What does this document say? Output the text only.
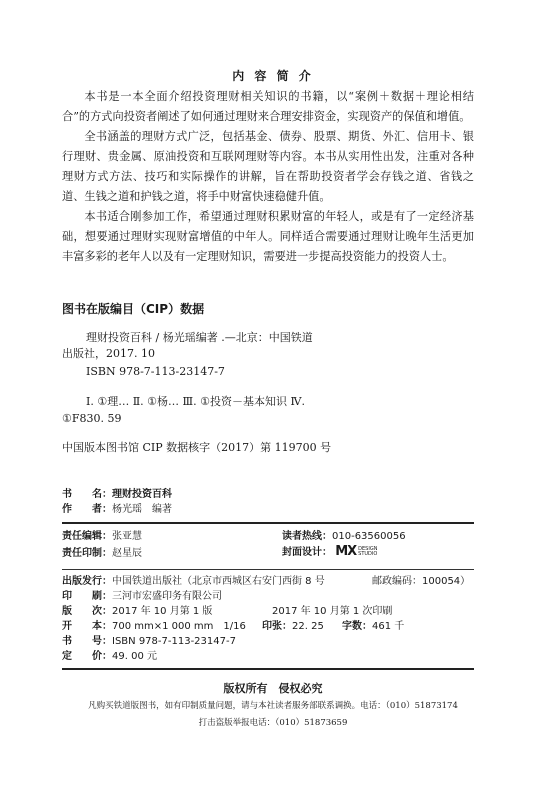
内 容 简 介

本书是一本全面介绍投资理财相关知识的书籍，以“案例＋数据＋理论相结合”的方式向投资者阐述了如何通过理财来合理安排资金，实现资产的保值和增值。

全书涵盖的理财方式广泛，包括基金、债券、股票、期货、外汇、信用卡、银行理财、贵金属、原油投资和互联网理财等内容。本书从实用性出发，注重对各种理财方式方法、技巧和实际操作的讲解，旨在帮助投资者学会存钱之道、省钱之道、生钱之道和护钱之道，将手中财富快速稳健升值。

本书适合刚参加工作，希望通过理财积累财富的年轻人，或是有了一定经济基础，想要通过理财实现财富增值的中年人。同样适合需要通过理财让晚年生活更加丰富多彩的老年人以及有一定理财知识，需要进一步提高投资能力的投资人士。

图书在版编目（CIP）数据
理财投资百科 / 杨光瑶编著 .—北京：中国铁道
出版社，2017. 10
ISBN 978-7-113-23147-7
Ⅰ. ①理… Ⅱ. ①杨… Ⅲ. ①投资－基本知识 Ⅳ.
①F830. 59
中国版本图书馆 CIP 数据核字（2017）第 119700 号
书　　名：理财投资百科
作　　者：杨光瑶　编著
责任编辑：张亚慧	读者热线：010-63560056
责任印制：赵星辰	封面设计： MX DESIGN
STUDIO
出版发行：中国铁道出版社（北京市西城区右安门西街 8 号	邮政编码：100054）
印　　刷：三河市宏盛印务有限公司
版　　次：2017 年 10 月第 1 版	2017 年 10 月第 1 次印刷
开　　本：700 mm×1 000 mm　1/16 印张：22. 25 字数：461 千
书　　号：ISBN 978-7-113-23147-7
定　　价：49. 00 元
版权所有　侵权必究
凡购买铁道版图书，如有印制质量问题，请与本社读者服务部联系调换。电话：（010）51873174
打击盗版举报电话：（010）51873659
